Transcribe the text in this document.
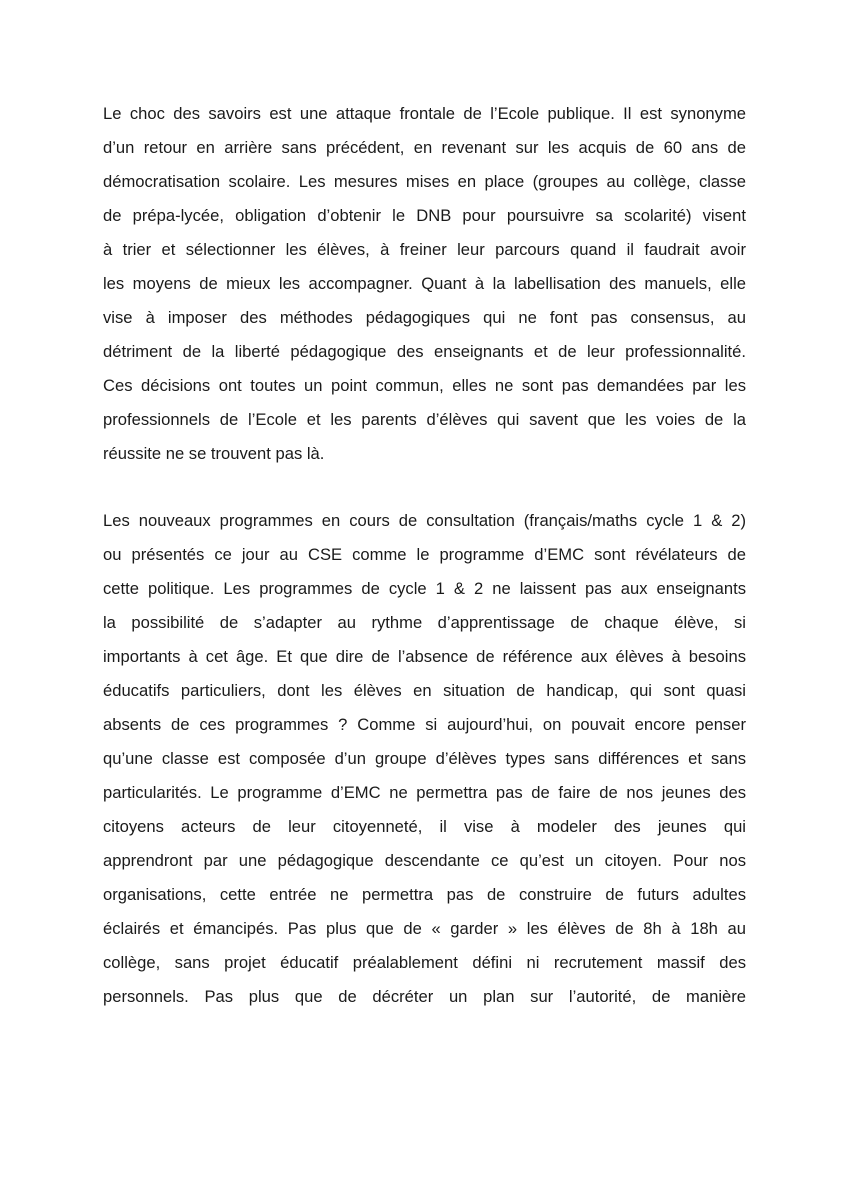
Le choc des savoirs est une attaque frontale de l’Ecole publique. Il est synonyme

d’un retour en arrière sans précédent, en revenant sur les acquis de 60 ans de

démocratisation scolaire. Les mesures mises en place (groupes au collège, classe

de prépa-lycée, obligation d’obtenir le DNB pour poursuivre sa scolarité) visent

à trier et sélectionner les élèves, à freiner leur parcours quand il faudrait avoir

les moyens de mieux les accompagner. Quant à la labellisation des manuels, elle

vise à imposer des méthodes pédagogiques qui ne font pas consensus, au

détriment de la liberté pédagogique des enseignants et de leur professionnalité.

Ces décisions ont toutes un point commun, elles ne sont pas demandées par les

professionnels de l’Ecole et les parents d’élèves qui savent que les voies de la

réussite ne se trouvent pas là.

Les nouveaux programmes en cours de consultation (français/maths cycle 1 & 2)

ou présentés ce jour au CSE comme le programme d’EMC sont révélateurs de

cette politique. Les programmes de cycle 1 & 2 ne laissent pas aux enseignants

la possibilité de s’adapter au rythme d’apprentissage de chaque élève, si

importants à cet âge. Et que dire de l’absence de référence aux élèves à besoins

éducatifs particuliers, dont les élèves en situation de handicap, qui sont quasi

absents de ces programmes ? Comme si aujourd’hui, on pouvait encore penser

qu’une classe est composée d’un groupe d’élèves types sans différences et sans

particularités. Le programme d’EMC ne permettra pas de faire de nos jeunes des

citoyens acteurs de leur citoyenneté, il vise à modeler des jeunes qui

apprendront par une pédagogique descendante ce qu’est un citoyen. Pour nos

organisations, cette entrée ne permettra pas de construire de futurs adultes

éclairés et émancipés. Pas plus que de « garder » les élèves de 8h à 18h au

collège, sans projet éducatif préalablement défini ni recrutement massif des

personnels. Pas plus que de décréter un plan sur l’autorité, de manière
